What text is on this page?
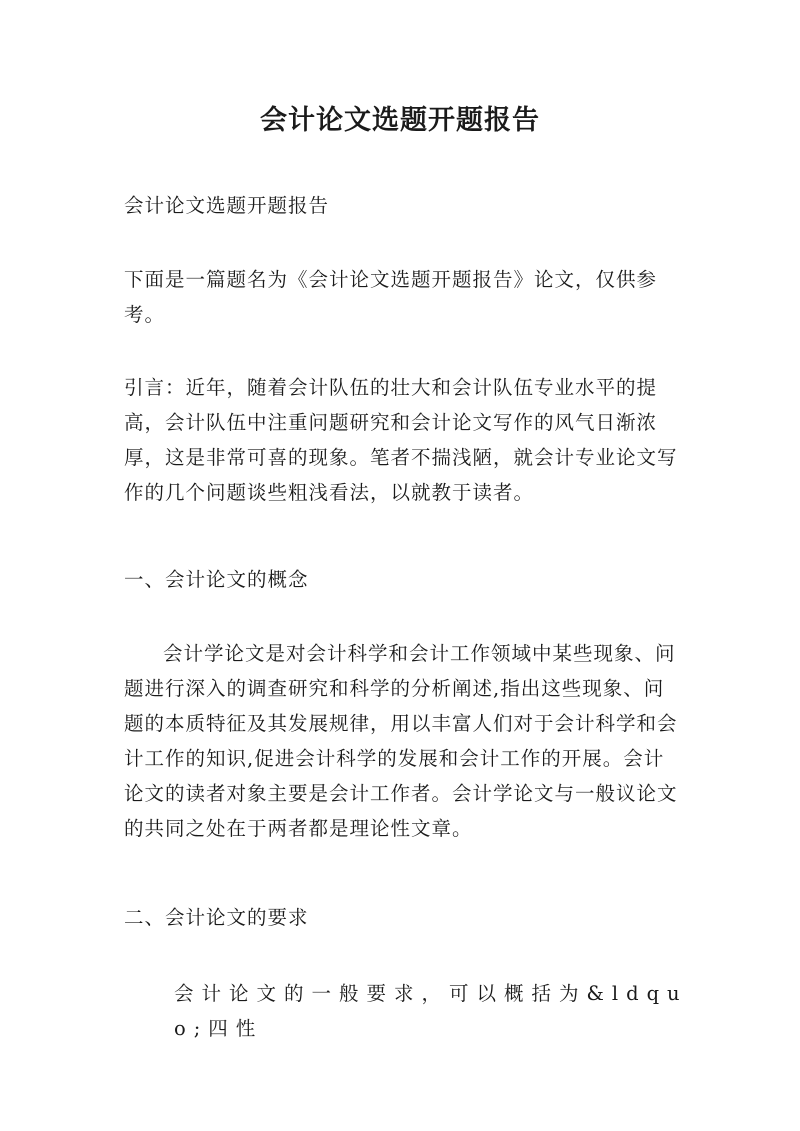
会计论文选题开题报告

会计论文选题开题报告

下面是一篇题名为《会计论文选题开题报告》论文，仅供参考。

引言：近年，随着会计队伍的壮大和会计队伍专业水平的提高，会计队伍中注重问题研究和会计论文写作的风气日渐浓厚，这是非常可喜的现象。笔者不揣浅陋，就会计专业论文写作的几个问题谈些粗浅看法，以就教于读者。

一、会计论文的概念

会计学论文是对会计科学和会计工作领域中某些现象、问题进行深入的调查研究和科学的分析阐述,指出这些现象、问题的本质特征及其发展规律，用以丰富人们对于会计科学和会计工作的知识,促进会计科学的发展和会计工作的开展。会计论文的读者对象主要是会计工作者。会计学论文与一般议论文的共同之处在于两者都是理论性文章。

二、会计论文的要求

会计论文的一般要求，可以概括为&ldquo;四性
